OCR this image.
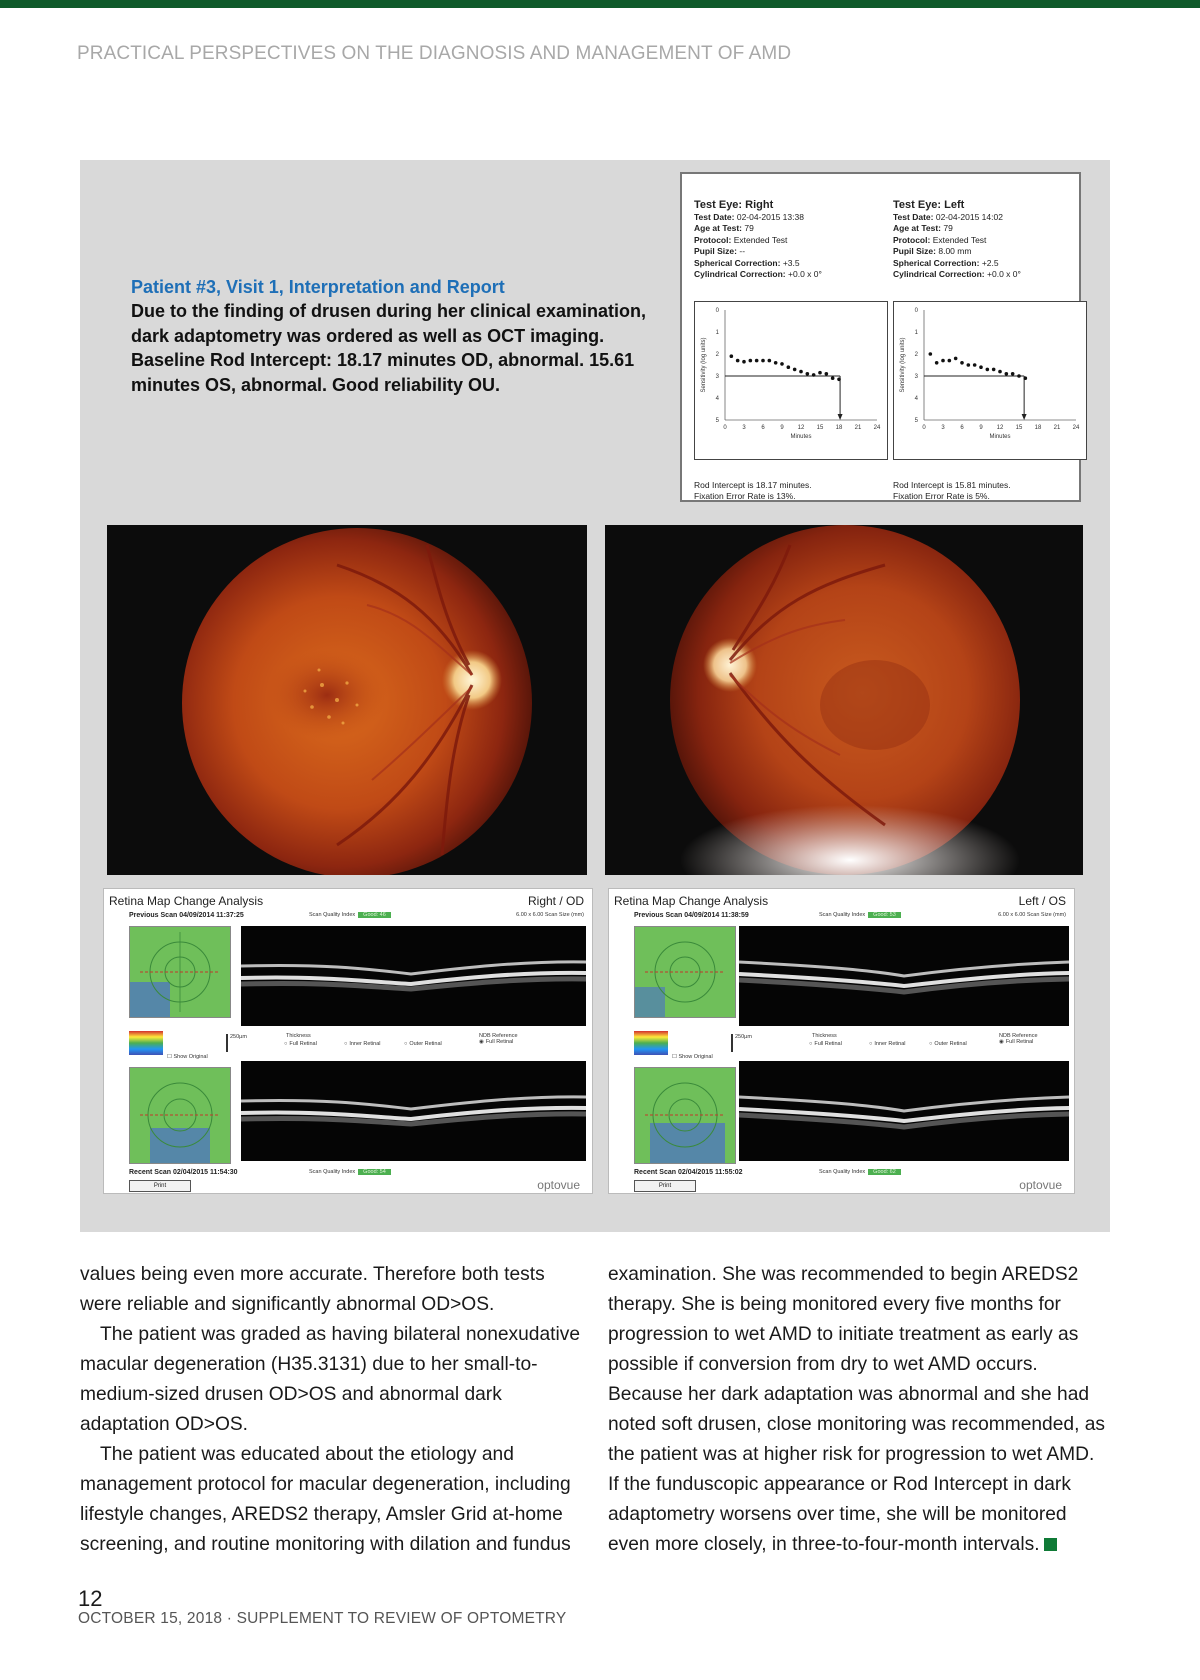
PRACTICAL PERSPECTIVES ON THE DIAGNOSIS AND MANAGEMENT OF AMD
Patient #3, Visit 1, Interpretation and Report
Due to the finding of drusen during her clinical examination, dark adaptometry was ordered as well as OCT imaging. Baseline Rod Intercept: 18.17 minutes OD, abnormal. 15.61 minutes OS, abnormal. Good reliability OU.
Test Eye: Right
Test Date: 02-04-2015 13:38
Age at Test: 79
Protocol: Extended Test
Pupil Size: --
Spherical Correction: +3.5
Cylindrical Correction: +0.0 x 0°
Test Eye: Left
Test Date: 02-04-2015 14:02
Age at Test: 79
Protocol: Extended Test
Pupil Size: 8.00 mm
Spherical Correction: +2.5
Cylindrical Correction: +0.0 x 0°
Sensitivity (log units)
0
1
2
3
4
5
0	3	6	9 12 15 18 21 24
Minutes
Sensitivity (log units)
0
1
2
3
4
5
0	3	6	9 12 15 18 21 24
Minutes
Rod Intercept is 18.17 minutes.
Fixation Error Rate is 13%.
Rod Intercept is 15.81 minutes.
Fixation Error Rate is 5%.
Retina Map Change Analysis	Right / OD
Previous Scan 04/09/2014 11:37:25	Scan Quality Index Good: 46	6.00 x 6.00 Scan Size (mm)
☐ Show Original
250µm	Thickness
○ Full Retinal	○ Inner Retinal	○ Outer Retinal
NDB Reference
◉ Full Retinal
Recent Scan 02/04/2015 11:54:30	Scan Quality Index Good: 54
Print	optovue
Retina Map Change Analysis	Left / OS
Previous Scan 04/09/2014 11:38:59	Scan Quality Index Good: 53	6.00 x 6.00 Scan Size (mm)
☐ Show Original
250µm	Thickness
○ Full Retinal	○ Inner Retinal	○ Outer Retinal
NDB Reference
◉ Full Retinal
Recent Scan 02/04/2015 11:55:02	Scan Quality Index Good: 62
Print	optovue

values being even more accurate. Therefore both tests were reliable and significantly abnormal OD>OS.

The patient was graded as having bilateral nonexudative macular degeneration (H35.3131) due to her small-to-medium-sized drusen OD>OS and abnormal dark adaptation OD>OS.

The patient was educated about the etiology and management protocol for macular degeneration, including lifestyle changes, AREDS2 therapy, Amsler Grid at-home screening, and routine monitoring with dilation and fundus

examination. She was recommended to begin AREDS2 therapy. She is being monitored every five months for progression to wet AMD to initiate treatment as early as possible if conversion from dry to wet AMD occurs. Because her dark adaptation was abnormal and she had noted soft drusen, close monitoring was recommended, as the patient was at higher risk for progression to wet AMD. If the funduscopic appearance or Rod Intercept in dark adaptometry worsens over time, she will be monitored even more closely, in three-to-four-month intervals.

12
OCTOBER 15, 2018 · SUPPLEMENT TO REVIEW OF OPTOMETRY
